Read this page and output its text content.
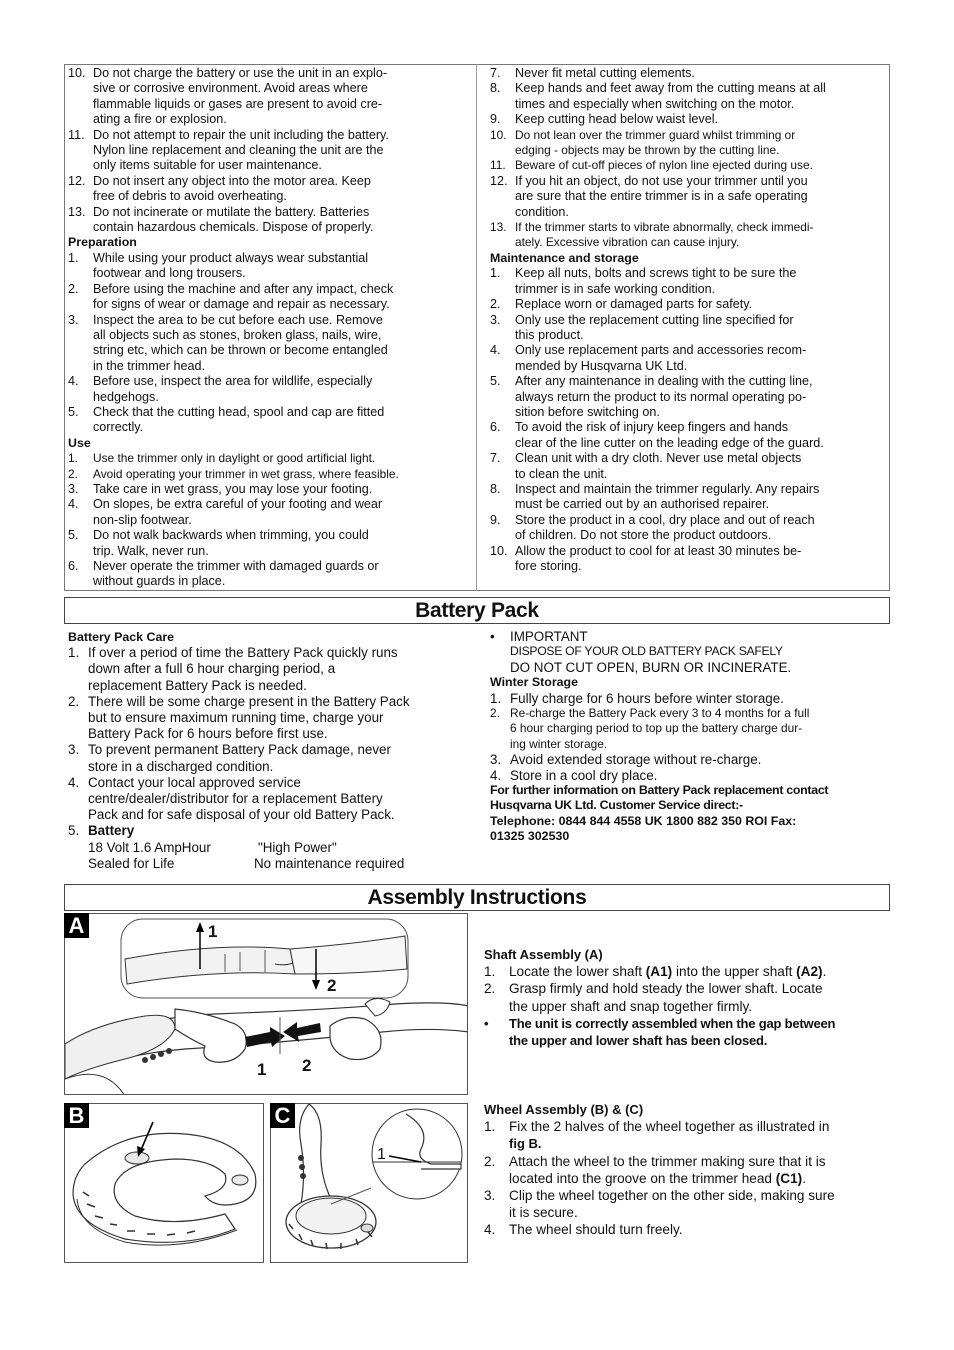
10. Do not charge the battery or use the unit in an explo-
sive or corrosive environment. Avoid areas where
flammable liquids or gases are present to avoid cre-
ating a fire or explosion.
11. Do not attempt to repair the unit including the battery.
Nylon line replacement and cleaning the unit are the
only items suitable for user maintenance.
12. Do not insert any object into the motor area. Keep
free of debris to avoid overheating.
13. Do not incinerate or mutilate the battery. Batteries
contain hazardous chemicals. Dispose of properly.
Preparation
1. While using your product always wear substantial
footwear and long trousers.
2. Before using the machine and after any impact, check
for signs of wear or damage and repair as necessary.
3. Inspect the area to be cut before each use. Remove
all objects such as stones, broken glass, nails, wire,
string etc, which can be thrown or become entangled
in the trimmer head.
4. Before use, inspect the area for wildlife, especially
hedgehogs.
5. Check that the cutting head, spool and cap are fitted
correctly.
Use
1. Use the trimmer only in daylight or good artificial light.
2. Avoid operating your trimmer in wet grass, where feasible.
3. Take care in wet grass, you may lose your footing.
4. On slopes, be extra careful of your footing and wear
non-slip footwear.
5. Do not walk backwards when trimming, you could
trip. Walk, never run.
6. Never operate the trimmer with damaged guards or
without guards in place.
7. Never fit metal cutting elements.
8. Keep hands and feet away from the cutting means at all
times and especially when switching on the motor.
9. Keep cutting head below waist level.
10. Do not lean over the trimmer guard whilst trimming or
edging - objects may be thrown by the cutting line.
11. Beware of cut-off pieces of nylon line ejected during use.
12. If you hit an object, do not use your trimmer until you
are sure that the entire trimmer is in a safe operating
condition.
13. If the trimmer starts to vibrate abnormally, check immedi-
ately. Excessive vibration can cause injury.
Maintenance and storage
1. Keep all nuts, bolts and screws tight to be sure the
trimmer is in safe working condition.
2. Replace worn or damaged parts for safety.
3. Only use the replacement cutting line specified for
this product.
4. Only use replacement parts and accessories recom-
mended by Husqvarna UK Ltd.
5. After any maintenance in dealing with the cutting line,
always return the product to its normal operating po-
sition before switching on.
6. To avoid the risk of injury keep fingers and hands
clear of the line cutter on the leading edge of the guard.
7. Clean unit with a dry cloth. Never use metal objects
to clean the unit.
8. Inspect and maintain the trimmer regularly. Any repairs
must be carried out by an authorised repairer.
9. Store the product in a cool, dry place and out of reach
of children. Do not store the product outdoors.
10. Allow the product to cool for at least 30 minutes be-
fore storing.
Battery Pack
Battery Pack Care
1. If over a period of time the Battery Pack quickly runs
down after a full 6 hour charging period, a
replacement Battery Pack is needed.
2. There will be some charge present in the Battery Pack
but to ensure maximum running time, charge your
Battery Pack for 6 hours before first use.
3. To prevent permanent Battery Pack damage, never
store in a discharged condition.
4. Contact your local approved service
centre/dealer/distributor for a replacement Battery
Pack and for safe disposal of your old Battery Pack.
5. Battery
18 Volt 1.6 AmpHour	"High Power"
Sealed for Life	No maintenance required
• IMPORTANT
DISPOSE OF YOUR OLD BATTERY PACK SAFELY
DO NOT CUT OPEN, BURN OR INCINERATE.
Winter Storage
1. Fully charge for 6 hours before winter storage.
2. Re-charge the Battery Pack every 3 to 4 months for a full
6 hour charging period to top up the battery charge dur-
ing winter storage.
3. Avoid extended storage without re-charge.
4. Store in a cool dry place.
For further information on Battery Pack replacement contact
Husqvarna UK Ltd. Customer Service direct:-
Telephone: 0844 844 4558 UK 1800 882 350 ROI Fax:
01325 302530
Assembly Instructions
1
2
1 2
A
B
1
C
Shaft Assembly (A)
1. Locate the lower shaft (A1) into the upper shaft (A2).
2. Grasp firmly and hold steady the lower shaft. Locate
the upper shaft and snap together firmly.
• The unit is correctly assembled when the gap between
the upper and lower shaft has been closed.
Wheel Assembly (B) & (C)
1. Fix the 2 halves of the wheel together as illustrated in
fig B.
2. Attach the wheel to the trimmer making sure that it is
located into the groove on the trimmer head (C1).
3. Clip the wheel together on the other side, making sure
it is secure.
4. The wheel should turn freely.
